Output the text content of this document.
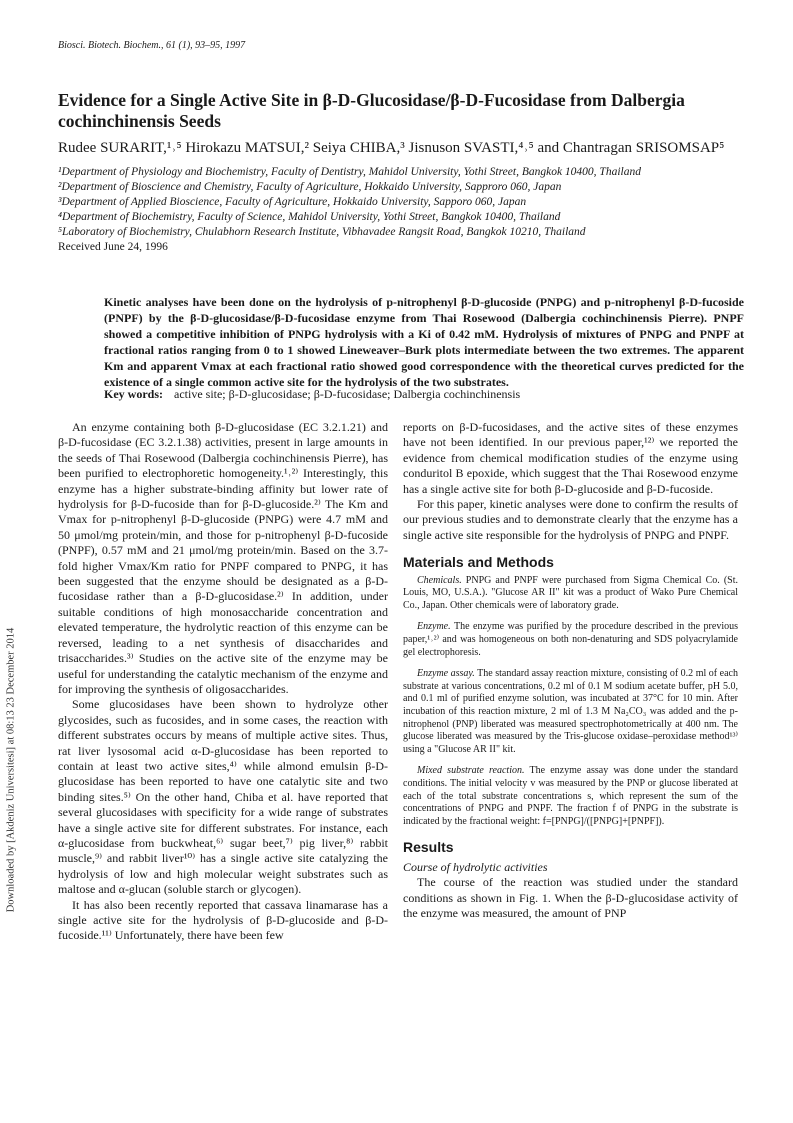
Biosci. Biotech. Biochem., 61 (1), 93–95, 1997
Evidence for a Single Active Site in β-D-Glucosidase/β-D-Fucosidase from Dalbergia cochinchinensis Seeds
Rudee SURARIT,¹˒⁵ Hirokazu MATSUI,² Seiya CHIBA,³ Jisnuson SVASTI,⁴˒⁵ and Chantragan SRISOMSAP⁵
¹Department of Physiology and Biochemistry, Faculty of Dentistry, Mahidol University, Yothi Street, Bangkok 10400, Thailand
²Department of Bioscience and Chemistry, Faculty of Agriculture, Hokkaido University, Sapproro 060, Japan
³Department of Applied Bioscience, Faculty of Agriculture, Hokkaido University, Sapporo 060, Japan
⁴Department of Biochemistry, Faculty of Science, Mahidol University, Yothi Street, Bangkok 10400, Thailand
⁵Laboratory of Biochemistry, Chulabhorn Research Institute, Vibhavadee Rangsit Road, Bangkok 10210, Thailand
Received June 24, 1996

Kinetic analyses have been done on the hydrolysis of p-nitrophenyl β-D-glucoside (PNPG) and p-nitrophenyl β-D-fucoside (PNPF) by the β-D-glucosidase/β-D-fucosidase enzyme from Thai Rosewood (Dalbergia cochinchinensis Pierre). PNPF showed a competitive inhibition of PNPG hydrolysis with a Ki of 0.42 mM. Hydrolysis of mixtures of PNPG and PNPF at fractional ratios ranging from 0 to 1 showed Lineweaver–Burk plots intermediate between the two extremes. The apparent Km and apparent Vmax at each fractional ratio showed good correspondence with the theoretical curves predicted for the existence of a single common active site for the hydrolysis of the two substrates.

Key words: active site; β-D-glucosidase; β-D-fucosidase; Dalbergia cochinchinensis
Downloaded by [Akdeniz Universitesi] at 08:13 23 December 2014

An enzyme containing both β-D-glucosidase (EC 3.2.1.21) and β-D-fucosidase (EC 3.2.1.38) activities, present in large amounts in the seeds of Thai Rosewood (Dalbergia cochinchinensis Pierre), has been purified to electrophoretic homogeneity.¹˒²⁾ Interestingly, this enzyme has a higher substrate-binding affinity but lower rate of hydrolysis for β-D-fucoside than for β-D-glucoside.²⁾ The Km and Vmax for p-nitrophenyl β-D-glucoside (PNPG) were 4.7 mM and 50 μmol/mg protein/min, and those for p-nitrophenyl β-D-fucoside (PNPF), 0.57 mM and 21 μmol/mg protein/min. Based on the 3.7-fold higher Vmax/Km ratio for PNPF compared to PNPG, it has been suggested that the enzyme should be designated as a β-D-fucosidase rather than a β-D-glucosidase.²⁾ In addition, under suitable conditions of high monosaccharide concentration and elevated temperature, the hydrolytic reaction of this enzyme can be reversed, leading to a net synthesis of disaccharides and trisaccharides.³⁾ Studies on the active site of the enzyme may be useful for understanding the catalytic mechanism of the enzyme and for improving the synthesis of oligosaccharides.

Some glucosidases have been shown to hydrolyze other glycosides, such as fucosides, and in some cases, the reaction with different substrates occurs by means of multiple active sites. Thus, rat liver lysosomal acid α-D-glucosidase has been reported to contain at least two active sites,⁴⁾ while almond emulsin β-D-glucosidase has been reported to have one catalytic site and two binding sites.⁵⁾ On the other hand, Chiba et al. have reported that several glucosidases with specificity for a wide range of substrates have a single active site for different substrates. For instance, each α-glucosidase from buckwheat,⁶⁾ sugar beet,⁷⁾ pig liver,⁸⁾ rabbit muscle,⁹⁾ and rabbit liver¹⁰⁾ has a single active site catalyzing the hydrolysis of low and high molecular weight substrates such as maltose and α-glucan (soluble starch or glycogen).

It has also been recently reported that cassava linamarase has a single active site for the hydrolysis of β-D-glucoside and β-D-fucoside.¹¹⁾ Unfortunately, there have been few

reports on β-D-fucosidases, and the active sites of these enzymes have not been identified. In our previous paper,¹²⁾ we reported the evidence from chemical modification studies of the enzyme using conduritol B epoxide, which suggest that the Thai Rosewood enzyme has a single active site for both β-D-glucoside and β-D-fucoside.

For this paper, kinetic analyses were done to confirm the results of our previous studies and to demonstrate clearly that the enzyme has a single active site responsible for the hydrolysis of PNPG and PNPF.

Materials and Methods

Chemicals. PNPG and PNPF were purchased from Sigma Chemical Co. (St. Louis, MO, U.S.A.). "Glucose AR II" kit was a product of Wako Pure Chemical Co., Japan. Other chemicals were of laboratory grade.

Enzyme. The enzyme was purified by the procedure described in the previous paper,¹˒²⁾ and was homogeneous on both non-denaturing and SDS polyacrylamide gel electrophoresis.

Enzyme assay. The standard assay reaction mixture, consisting of 0.2 ml of each substrate at various concentrations, 0.2 ml of 0.1 M sodium acetate buffer, pH 5.0, and 0.1 ml of purified enzyme solution, was incubated at 37°C for 10 min. After incubation of this reaction mixture, 2 ml of 1.3 M Na₂CO₃ was added and the p-nitrophenol (PNP) liberated was measured spectrophotometrically at 400 nm. The glucose liberated was measured by the Tris-glucose oxidase–peroxidase method¹³⁾ using a "Glucose AR II" kit.

Mixed substrate reaction. The enzyme assay was done under the standard conditions. The initial velocity v was measured by the PNP or glucose liberated at each of the total substrate concentrations s, which represent the sum of the concentrations of PNPG and PNPF. The fraction f of PNPG in the substrate is indicated by the fractional weight: f=[PNPG]/([PNPG]+[PNPF]).

Results

Course of hydrolytic activities

The course of the reaction was studied under the standard conditions as shown in Fig. 1. When the β-D-glucosidase activity of the enzyme was measured, the amount of PNP
